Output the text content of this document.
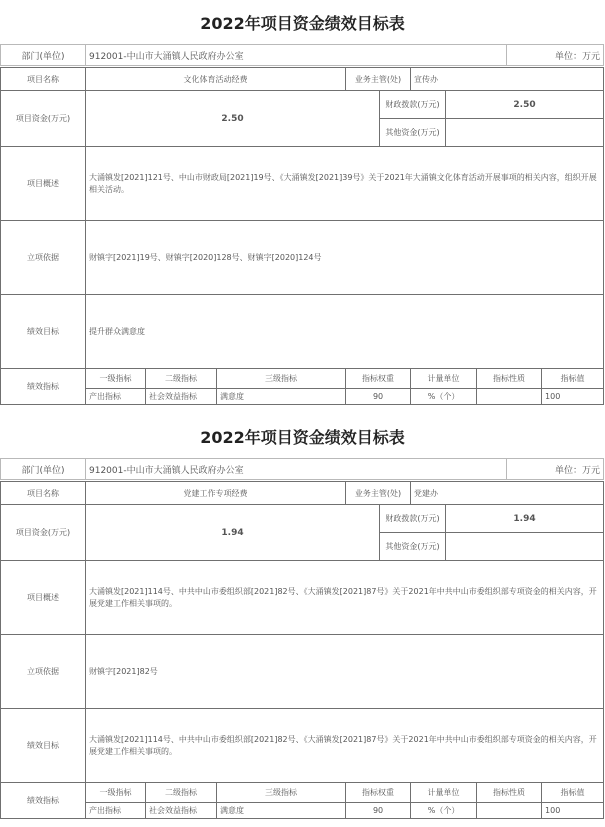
2022年项目资金绩效目标表
部门(单位)	912001-中山市大涌镇人民政府办公室	单位：万元
项目名称	文化体育活动经费			业务主管(处)		宣传办			
项目资金(万元)	2.50				财政拨款(万元)		2.50		
					其他资金(万元)				
项目概述	大涌镇发[2021]121号、中山市财政局[2021]19号、《大涌镇发[2021]39号》关于2021年大涌镇文化体育活动开展事项的相关内容，组织开展相关活动。								
立项依据	财镇字[2021]19号、财镇字[2020]128号、财镇字[2020]124号								
绩效目标	提升群众满意度								
绩效指标	一级指标	二级指标	三级指标	指标权重		计量单位		指标性质	指标值
	产出指标	社会效益指标	满意度	90		%（个）			100
2022年项目资金绩效目标表
部门(单位)	912001-中山市大涌镇人民政府办公室	单位：万元
项目名称	党建工作专项经费			业务主管(处)		党建办			
项目资金(万元)	1.94				财政拨款(万元)		1.94		
					其他资金(万元)				
项目概述	大涌镇发[2021]114号、中共中山市委组织部[2021]82号、《大涌镇发[2021]87号》关于2021年中共中山市委组织部专项资金的相关内容，开展党建工作相关事项的。								
立项依据	财镇字[2021]82号								
绩效目标	大涌镇发[2021]114号、中共中山市委组织部[2021]82号、《大涌镇发[2021]87号》关于2021年中共中山市委组织部专项资金的相关内容，开展党建工作相关事项的。								
绩效指标	一级指标	二级指标	三级指标	指标权重		计量单位		指标性质	指标值
	产出指标	社会效益指标	满意度	90		%（个）			100
